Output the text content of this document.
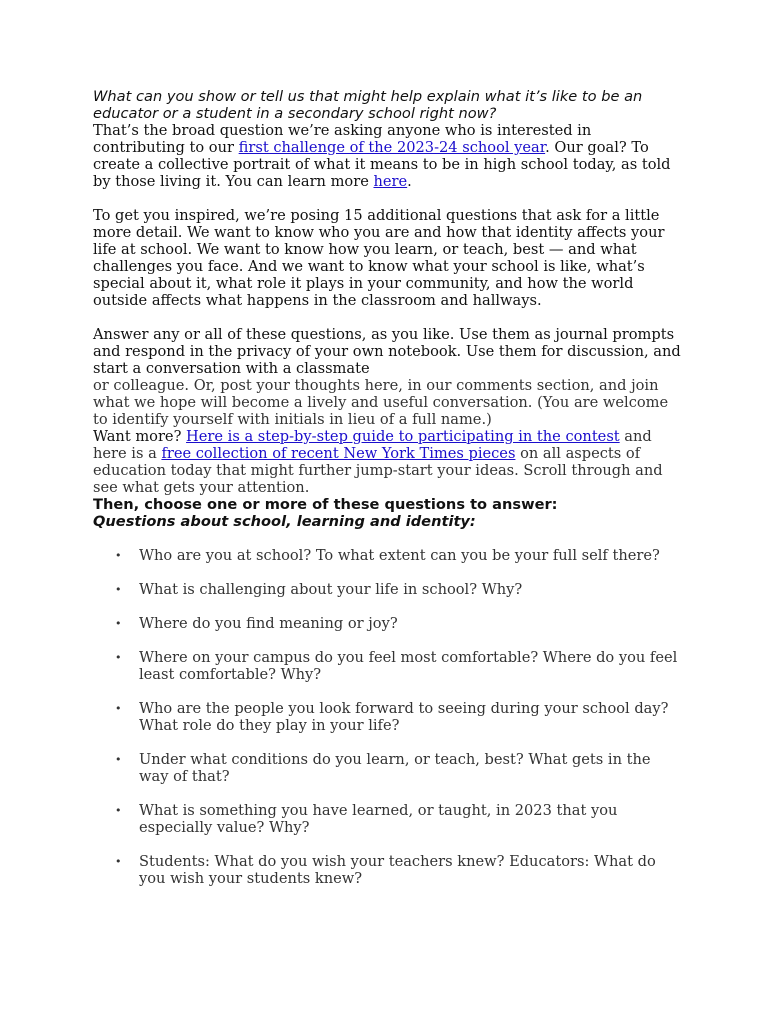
What can you show or tell us that might help explain what it’s like to be an educator or a student in a secondary school right now?

That’s the broad question we’re asking anyone who is interested in contributing to our first challenge of the 2023-24 school year. Our goal? To create a collective portrait of what it means to be in high school today, as told by those living it. You can learn more here.

To get you inspired, we’re posing 15 additional questions that ask for a little more detail. We want to know who you are and how that identity affects your life at school. We want to know how you learn, or teach, best — and what challenges you face. And we want to know what your school is like, what’s special about it, what role it plays in your community, and how the world outside affects what happens in the classroom and hallways.

Answer any or all of these questions, as you like. Use them as journal prompts and respond in the privacy of your own notebook. Use them for discussion, and start a conversation with a classmate

or colleague. Or, post your thoughts here, in our comments section, and join what we hope will become a lively and useful conversation. (You are welcome to identify yourself with initials in lieu of a full name.)

Want more? Here is a step-by-step guide to participating in the contest and here is a free collection of recent New York Times pieces on all aspects of education today that might further jump-start your ideas. Scroll through and see what gets your attention.

Then, choose one or more of these questions to answer:

Questions about school, learning and identity:

• Who are you at school? To what extent can you be your full self there?
• What is challenging about your life in school? Why?
• Where do you find meaning or joy?
• Where on your campus do you feel most comfortable? Where do you feel least comfortable? Why?
• Who are the people you look forward to seeing during your school day? What role do they play in your life?
• Under what conditions do you learn, or teach, best? What gets in the way of that?
• What is something you have learned, or taught, in 2023 that you especially value? Why?
• Students: What do you wish your teachers knew? Educators: What do you wish your students knew?
